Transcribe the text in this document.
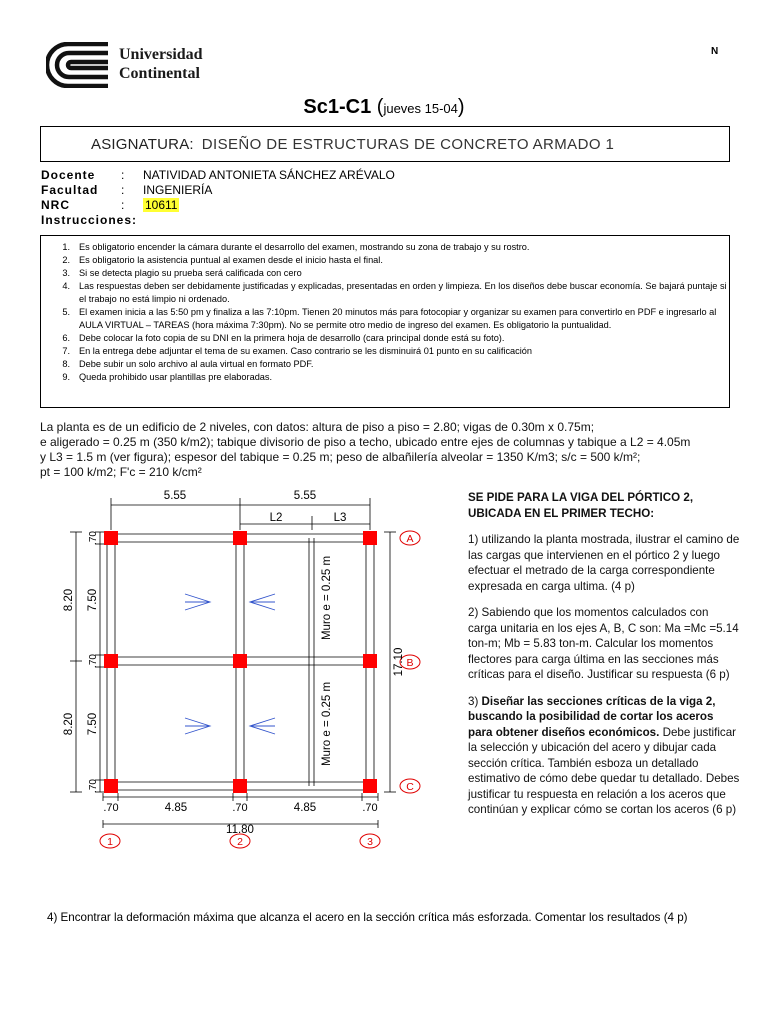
Universidad
Continental
N
Sc1-C1 (jueves 15-04)
ASIGNATURA: DISEÑO DE ESTRUCTURAS DE CONCRETO ARMADO 1
Docente : NATIVIDAD ANTONIETA SÁNCHEZ ARÉVALO
Facultad : INGENIERÍA
NRC	: 10611
Instrucciones:
1. Es obligatorio encender la cámara durante el desarrollo del examen, mostrando su zona de trabajo y su rostro.
2. Es obligatorio la asistencia puntual al examen desde el inicio hasta el final.
3. Si se detecta plagio su prueba será calificada con cero
4. Las respuestas deben ser debidamente justificadas y explicadas, presentadas en orden y limpieza. En los diseños debe buscar economía. Se bajará puntaje si el trabajo no está limpio ni ordenado.
5. El examen inicia a las 5:50 pm y finaliza a las 7:10pm. Tienen 20 minutos más para fotocopiar y organizar su examen para convertirlo en PDF e ingresarlo al AULA VIRTUAL – TAREAS (hora máxima 7:30pm). No se permite otro medio de ingreso del examen. Es obligatorio la puntualidad.
6. Debe colocar la foto copia de su DNI en la primera hoja de desarrollo (cara principal donde está su foto).
7. En la entrega debe adjuntar el tema de su examen. Caso contrario se les disminuirá 01 punto en su calificación
8. Debe subir un solo archivo al aula virtual en formato PDF.
9. Queda prohibido usar plantillas pre elaboradas.
La planta es de un edificio de 2 niveles, con datos: altura de piso a piso = 2.80; vigas de 0.30m x 0.75m;
e aligerado = 0.25 m (350 k/m2); tabique divisorio de piso a techo, ubicado entre ejes de columnas y tabique a L2 = 4.05m
y L3 = 1.5 m (ver figura); espesor del tabique = 0.25 m; peso de albañilería alveolar = 1350 K/m3; s/c = 500 k/m²;
pt = 100 k/m2; F'c = 210 k/cm²
A
B
C
1	2	3
5.55	5.55
L2	L3
8.20
8.20
.70
7.50
.70
7.50
.70
17.10
.70	4.85	.70	4.85	.70
11.80
Muro e = 0.25 m
Muro e = 0.25 m

SE PIDE PARA LA VIGA DEL PÓRTICO 2,
UBICADA EN EL PRIMER TECHO:

1) utilizando la planta mostrada, ilustrar el camino de las cargas que intervienen en el pórtico 2 y luego efectuar el metrado de la carga correspondiente expresada en carga ultima. (4 p)

2) Sabiendo que los momentos calculados con carga unitaria en los ejes A, B, C son: Ma =Mc =5.14 ton-m; Mb = 5.83 ton-m. Calcular los momentos flectores para carga última en las secciones más críticas para el diseño. Justificar su respuesta (6 p)

3) Diseñar las secciones críticas de la viga 2, buscando la posibilidad de cortar los aceros para obtener diseños económicos. Debe justificar la selección y ubicación del acero y dibujar cada sección crítica. También esboza un detallado estimativo de cómo debe quedar tu detallado. Debes justificar tu respuesta en relación a los aceros que continúan y explicar cómo se cortan los aceros (6 p)

4) Encontrar la deformación máxima que alcanza el acero en la sección crítica más esforzada. Comentar los resultados (4 p)
